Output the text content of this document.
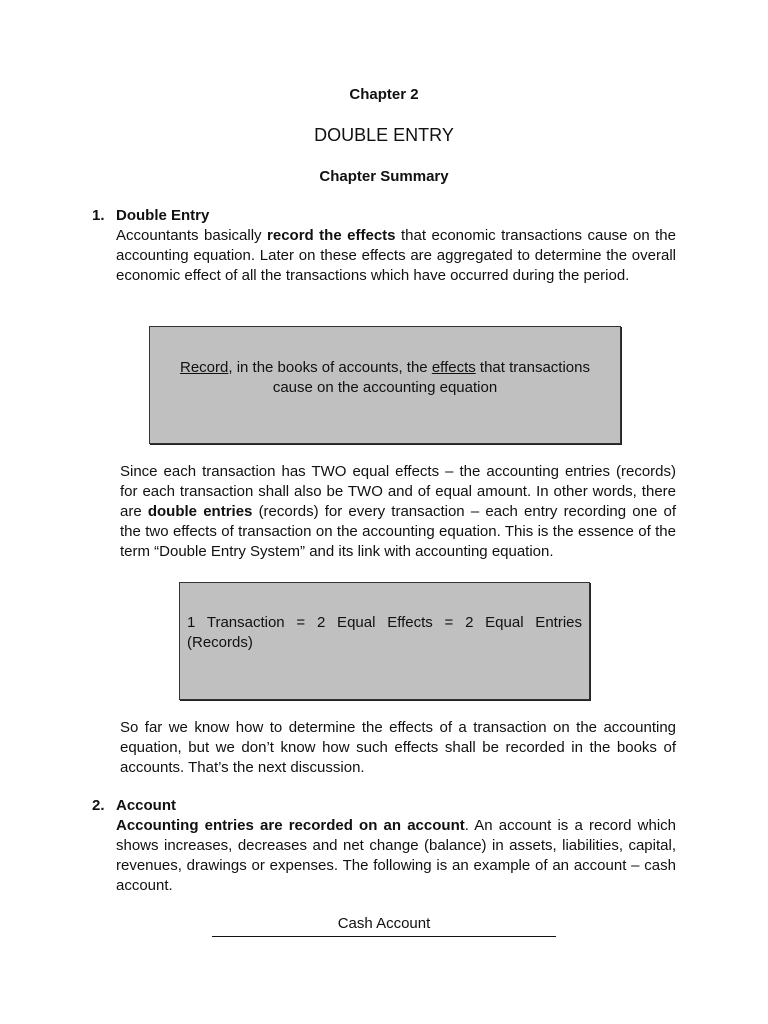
Chapter 2
DOUBLE ENTRY
Chapter Summary
1. Double Entry

Accountants basically record the effects that economic transactions cause on the accounting equation. Later on these effects are aggregated to determine the overall economic effect of all the transactions which have occurred during the period.

Record, in the books of accounts, the effects that transactions cause on the accounting equation

Since each transaction has TWO equal effects – the accounting entries (records) for each transaction shall also be TWO and of equal amount. In other words, there are double entries (records) for every transaction – each entry recording one of the two effects of transaction on the accounting equation. This is the essence of the term “Double Entry System” and its link with accounting equation.

1 Transaction = 2 Equal Effects = 2 Equal Entries (Records)

So far we know how to determine the effects of a transaction on the accounting equation, but we don’t know how such effects shall be recorded in the books of accounts. That’s the next discussion.

2. Account

Accounting entries are recorded on an account. An account is a record which shows increases, decreases and net change (balance) in assets, liabilities, capital, revenues, drawings or expenses. The following is an example of an account – cash account.

Cash Account
